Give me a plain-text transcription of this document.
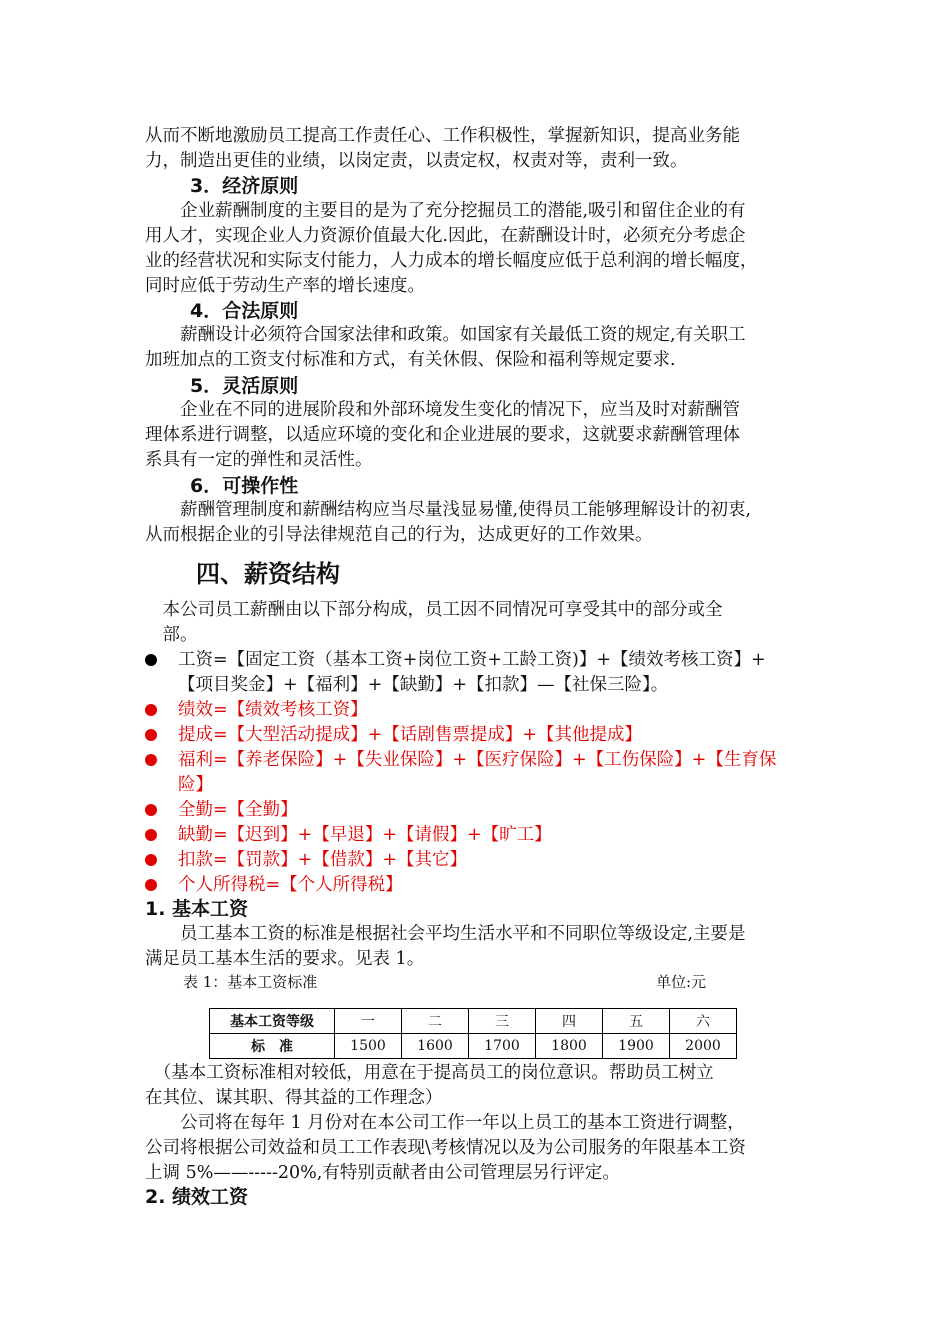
从而不断地激励员工提高工作责任心、工作积极性，掌握新知识，提高业务能
力，制造出更佳的业绩，以岗定责，以责定权，权责对等，责利一致。
3．经济原则
　　企业薪酬制度的主要目的是为了充分挖掘员工的潜能,吸引和留住企业的有
用人才，实现企业人力资源价值最大化.因此，在薪酬设计时，必须充分考虑企
业的经营状况和实际支付能力，人力成本的增长幅度应低于总利润的增长幅度，
同时应低于劳动生产率的增长速度。
4．合法原则
　　薪酬设计必须符合国家法律和政策。如国家有关最低工资的规定,有关职工
加班加点的工资支付标准和方式，有关休假、保险和福利等规定要求.
5．灵活原则
　　企业在不同的进展阶段和外部环境发生变化的情况下，应当及时对薪酬管
理体系进行调整，以适应环境的变化和企业进展的要求，这就要求薪酬管理体
系具有一定的弹性和灵活性。
6．可操作性
　　薪酬管理制度和薪酬结构应当尽量浅显易懂,使得员工能够理解设计的初衷,
从而根据企业的引导法律规范自己的行为，达成更好的工作效果。
四、薪资结构
　本公司员工薪酬由以下部分构成，员工因不同情况可享受其中的部分或全
　部。
工资=【固定工资（基本工资+岗位工资+工龄工资)】+【绩效考核工资】+
【项目奖金】+【福利】+【缺勤】+【扣款】—【社保三险】。
绩效=【绩效考核工资】
提成=【大型活动提成】+【话剧售票提成】+【其他提成】
福利=【养老保险】+【失业保险】+【医疗保险】+【工伤保险】+【生育保
险】
全勤=【全勤】
缺勤=【迟到】+【早退】+【请假】+【旷工】
扣款=【罚款】+【借款】+【其它】
个人所得税=【个人所得税】
1. 基本工资
　　员工基本工资的标准是根据社会平均生活水平和不同职位等级设定,主要是
满足员工基本生活的要求。见表 1。
表 1：基本工资标准	单位:元
基本工资等级	一	二	三	四	五	六
标　准	1500	1600	1700	1800	1900	2000
　（基本工资标准相对较低，用意在于提高员工的岗位意识。帮助员工树立
在其位、谋其职、得其益的工作理念）
　　公司将在每年 1 月份对在本公司工作一年以上员工的基本工资进行调整，
公司将根据公司效益和员工工作表现\考核情况以及为公司服务的年限基本工资
上调 5%——-----20%,有特别贡献者由公司管理层另行评定。
2. 绩效工资
